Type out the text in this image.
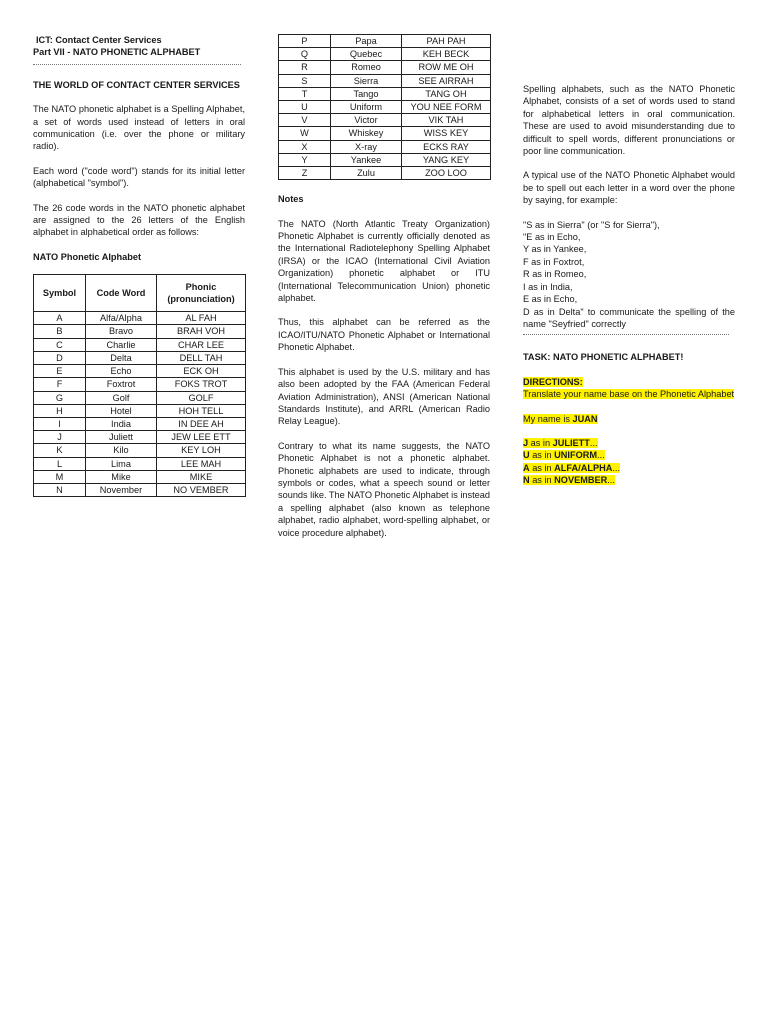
ICT: Contact Center Services
Part VII - NATO PHONETIC ALPHABET
THE WORLD OF CONTACT CENTER SERVICES

The NATO phonetic alphabet is a Spelling Alphabet, a set of words used instead of letters in oral communication (i.e. over the phone or military radio).

Each word ("code word") stands for its initial letter (alphabetical "symbol").

The 26 code words in the NATO phonetic alphabet are assigned to the 26 letters of the English alphabet in alphabetical order as follows:

NATO Phonetic Alphabet
Symbol	Code Word	Phonic (pronunciation)
A	Alfa/Alpha	AL FAH
B	Bravo	BRAH VOH
C	Charlie	CHAR LEE
D	Delta	DELL TAH
E	Echo	ECK OH
F	Foxtrot	FOKS TROT
G	Golf	GOLF
H	Hotel	HOH TELL
I	India	IN DEE AH
J	Juliett	JEW LEE ETT
K	Kilo	KEY LOH
L	Lima	LEE MAH
M	Mike	MIKE
N	November	NO VEMBER
P	Papa	PAH PAH
Q	Quebec	KEH BECK
R	Romeo	ROW ME OH
S	Sierra	SEE AIRRAH
T	Tango	TANG OH
U	Uniform	YOU NEE FORM
V	Victor	VIK TAH
W	Whiskey	WISS KEY
X	X-ray	ECKS RAY
Y	Yankee	YANG KEY
Z	Zulu	ZOO LOO
Notes

The NATO (North Atlantic Treaty Organization) Phonetic Alphabet is currently officially denoted as the International Radiotelephony Spelling Alphabet (IRSA) or the ICAO (International Civil Aviation Organization) phonetic alphabet or ITU (International Telecommunication Union) phonetic alphabet.

Thus, this alphabet can be referred as the ICAO/ITU/NATO Phonetic Alphabet or International Phonetic Alphabet.

This alphabet is used by the U.S. military and has also been adopted by the FAA (American Federal Aviation Administration), ANSI (American National Standards Institute), and ARRL (American Radio Relay League).

Contrary to what its name suggests, the NATO Phonetic Alphabet is not a phonetic alphabet. Phonetic alphabets are used to indicate, through symbols or codes, what a speech sound or letter sounds like. The NATO Phonetic Alphabet is instead a spelling alphabet (also known as telephone alphabet, radio alphabet, word-spelling alphabet, or voice procedure alphabet).

Spelling alphabets, such as the NATO Phonetic Alphabet, consists of a set of words used to stand for alphabetical letters in oral communication. These are used to avoid misunderstanding due to difficult to spell words, different pronunciations or poor line communication.

A typical use of the NATO Phonetic Alphabet would be to spell out each letter in a word over the phone by saying, for example:

"S as in Sierra" (or "S for Sierra"),
"E as in Echo,
Y as in Yankee,
F as in Foxtrot,
R as in Romeo,
I as in India,
E as in Echo,
D as in Delta" to communicate the spelling of the name "Seyfried" correctly
TASK: NATO PHONETIC ALPHABET!
DIRECTIONS:
Translate your name base on the Phonetic Alphabet
My name is JUAN
J as in JULIETT...
U as in UNIFORM...
A as in ALFA/ALPHA...
N as in NOVEMBER...
